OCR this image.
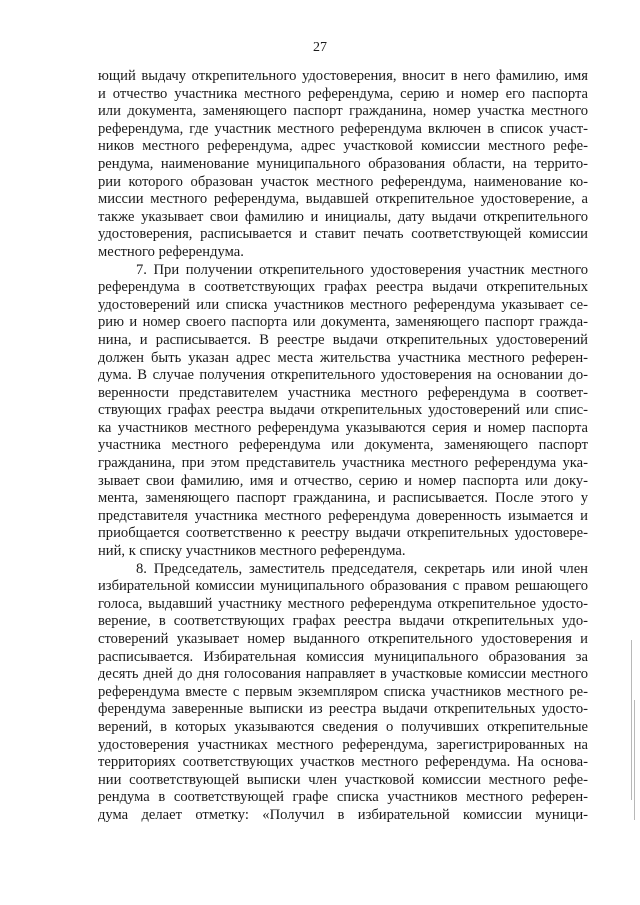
27
ющий выдачу открепительного удостоверения, вносит в него фамилию, имя
и отчество участника местного референдума, серию и номер его паспорта
или документа, заменяющего паспорт гражданина, номер участка местного
референдума, где участник местного референдума включен в список участ-
ников местного референдума, адрес участковой комиссии местного рефе-
рендума, наименование муниципального образования области, на террито-
рии которого образован участок местного референдума, наименование ко-
миссии местного референдума, выдавшей открепительное удостоверение, а
также указывает свои фамилию и инициалы, дату выдачи открепительного
удостоверения, расписывается и ставит печать соответствующей комиссии
местного референдума.
7. При получении открепительного удостоверения участник местного
референдума в соответствующих графах реестра выдачи открепительных
удостоверений или списка участников местного референдума указывает се-
рию и номер своего паспорта или документа, заменяющего паспорт гражда-
нина, и расписывается. В реестре выдачи открепительных удостоверений
должен быть указан адрес места жительства участника местного референ-
дума. В случае получения открепительного удостоверения на основании до-
веренности представителем участника местного референдума в соответ-
ствующих графах реестра выдачи открепительных удостоверений или спис-
ка участников местного референдума указываются серия и номер паспорта
участника местного референдума или документа, заменяющего паспорт
гражданина, при этом представитель участника местного референдума ука-
зывает свои фамилию, имя и отчество, серию и номер паспорта или доку-
мента, заменяющего паспорт гражданина, и расписывается. После этого у
представителя участника местного референдума доверенность изымается и
приобщается соответственно к реестру выдачи открепительных удостовере-
ний, к списку участников местного референдума.
8. Председатель, заместитель председателя, секретарь или иной член
избирательной комиссии муниципального образования с правом решающего
голоса, выдавший участнику местного референдума открепительное удосто-
верение, в соответствующих графах реестра выдачи открепительных удо-
стоверений указывает номер выданного открепительного удостоверения и
расписывается. Избирательная комиссия муниципального образования за
десять дней до дня голосования направляет в участковые комиссии местного
референдума вместе с первым экземпляром списка участников местного ре-
ферендума заверенные выписки из реестра выдачи открепительных удосто-
верений, в которых указываются сведения о получивших открепительные
удостоверения участниках местного референдума, зарегистрированных на
территориях соответствующих участков местного референдума. На основа-
нии соответствующей выписки член участковой комиссии местного рефе-
рендума в соответствующей графе списка участников местного референ-
дума делает отметку: «Получил в избирательной комиссии муници-
